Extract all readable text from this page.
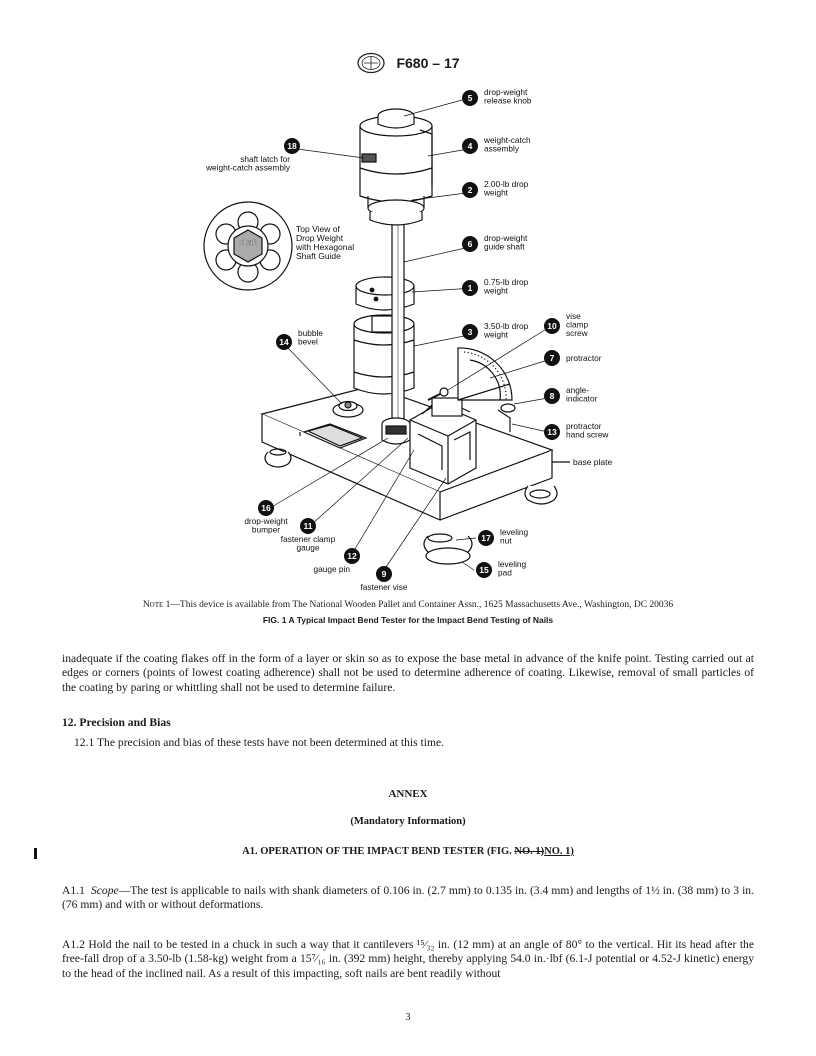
F680 – 17
5
drop-weight
release knob
4
weight-catch
assembly
18
shaft latch for
weight-catch assembly
2
2.00-lb drop
weight
6
drop-weight
guide shaft
1
0.75-lb drop
weight
14
bubble
bevel
3
3.50-lb drop
weight
10
vise
clamp
screw
7 protractor
8
angle-
indicator
13
protractor
hand screw
16
drop-weight
bumper	11
fastener clamp
gauge
12
gauge pin	9
fastener vise
17
leveling
nut
15
leveling
pad
base plate
shaft
Top View of
Drop Weight
with Hexagonal
Shaft Guide
Note 1—This device is available from The National Wooden Pallet and Container Assn., 1625 Massachusetts Ave., Washington, DC 20036
FIG. 1 A Typical Impact Bend Tester for the Impact Bend Testing of Nails

inadequate if the coating flakes off in the form of a layer or skin so as to expose the base metal in advance of the knife point. Testing carried out at edges or corners (points of lowest coating adherence) shall not be used to determine adherence of coating. Likewise, removal of small particles of the coating by paring or whittling shall not be used to determine failure.

12. Precision and Bias

12.1 The precision and bias of these tests have not been determined at this time.

ANNEX
(Mandatory Information)
A1. OPERATION OF THE IMPACT BEND TESTER (FIG. NO. 1)NO. 1)

A1.1 Scope—The test is applicable to nails with shank diameters of 0.106 in. (2.7 mm) to 0.135 in. (3.4 mm) and lengths of 1½ in. (38 mm) to 3 in. (76 mm) and with or without deformations.

A1.2 Hold the nail to be tested in a chuck in such a way that it cantilevers ¹⁵⁄₃₂ in. (12 mm) at an angle of 80° to the vertical. Hit its head after the free-fall drop of a 3.50-lb (1.58-kg) weight from a 15⁷⁄₁₆ in. (392 mm) height, thereby applying 54.0 in.·lbf (6.1-J potential or 4.52-J kinetic) energy to the head of the inclined nail. As a result of this impacting, soft nails are bent readily without

3
